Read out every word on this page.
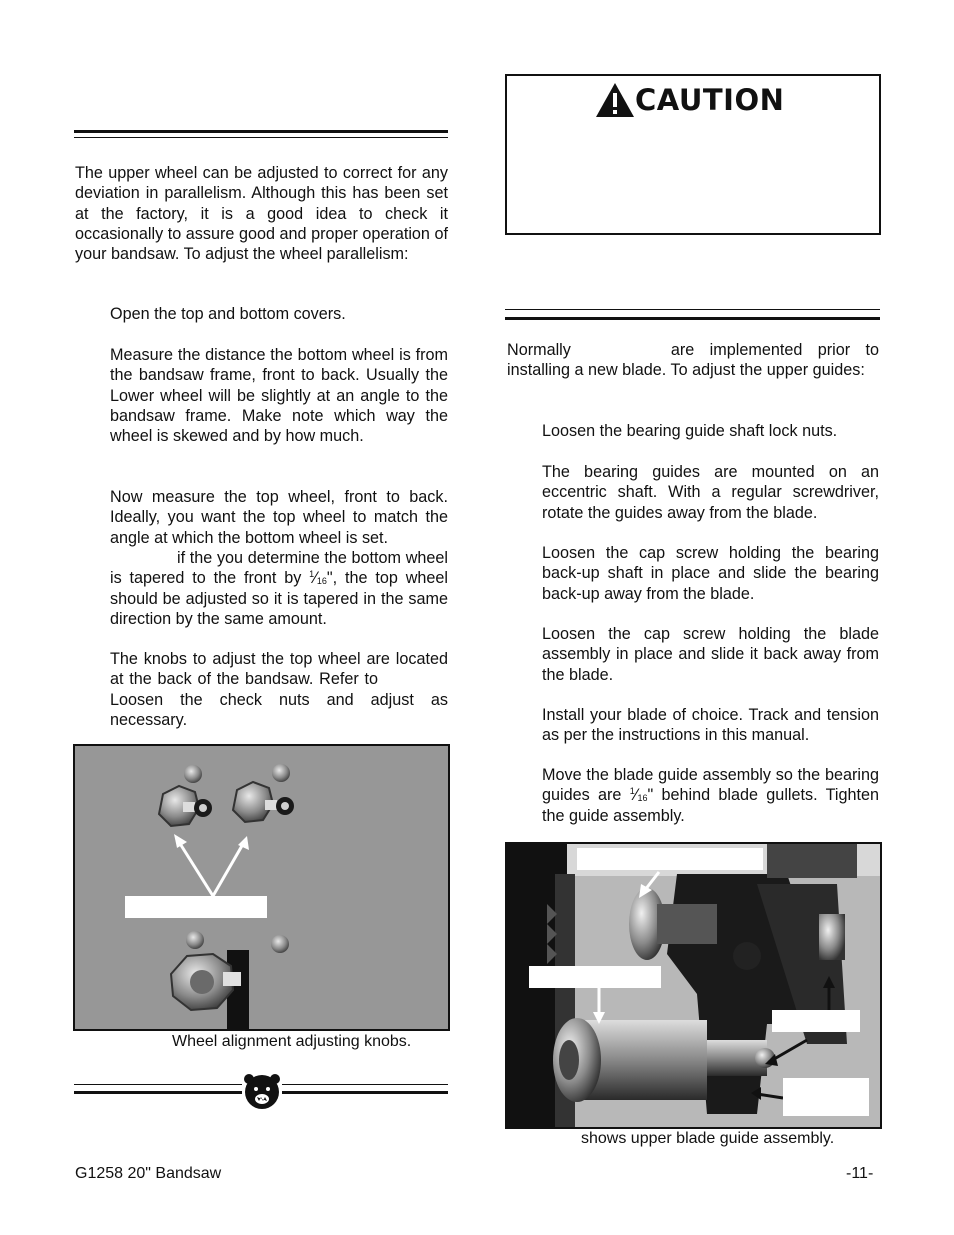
The upper wheel can be adjusted to correct for any deviation in parallelism. Although this has been set at the factory, it is a good idea to check it occasionally to assure good and proper operation of your bandsaw. To adjust the wheel parallelism:

Open the top and bottom covers.

Measure the distance the bottom wheel is from the bandsaw frame, front to back. Usually the Lower wheel will be slightly at an angle to the bandsaw frame. Make note which way the wheel is skewed and by how much.

Now measure the top wheel, front to back. Ideally, you want the top wheel to match the angle at which the bottom wheel is set.

if the you determine the bottom wheel is tapered to the front by $^1⁄_{16}$", the top wheel should be adjusted so it is tapered in the same direction by the same amount.

The knobs to adjust the top wheel are located at the back of the bandsaw. Refer toLoosen the check nuts and adjust as necessary.

Wheel alignment adjusting knobs.
CAUTION

Normally	are implemented prior to installing a new blade. To adjust the upper guides:

Loosen the bearing guide shaft lock nuts.

The bearing guides are mounted on an eccentric shaft. With a regular screwdriver, rotate the guides away from the blade.

Loosen the cap screw holding the bearing back-up shaft in place and slide the bearing back-up away from the blade.

Loosen the cap screw holding the blade assembly in place and slide it back away from the blade.

Install your blade of choice. Track and tension as per the instructions in this manual.

Move the blade guide assembly so the bearing guides are $^1⁄_{16}$" behind blade gullets. Tighten the guide assembly.

shows upper blade guide assembly.
G1258 20" Bandsaw	-11-
